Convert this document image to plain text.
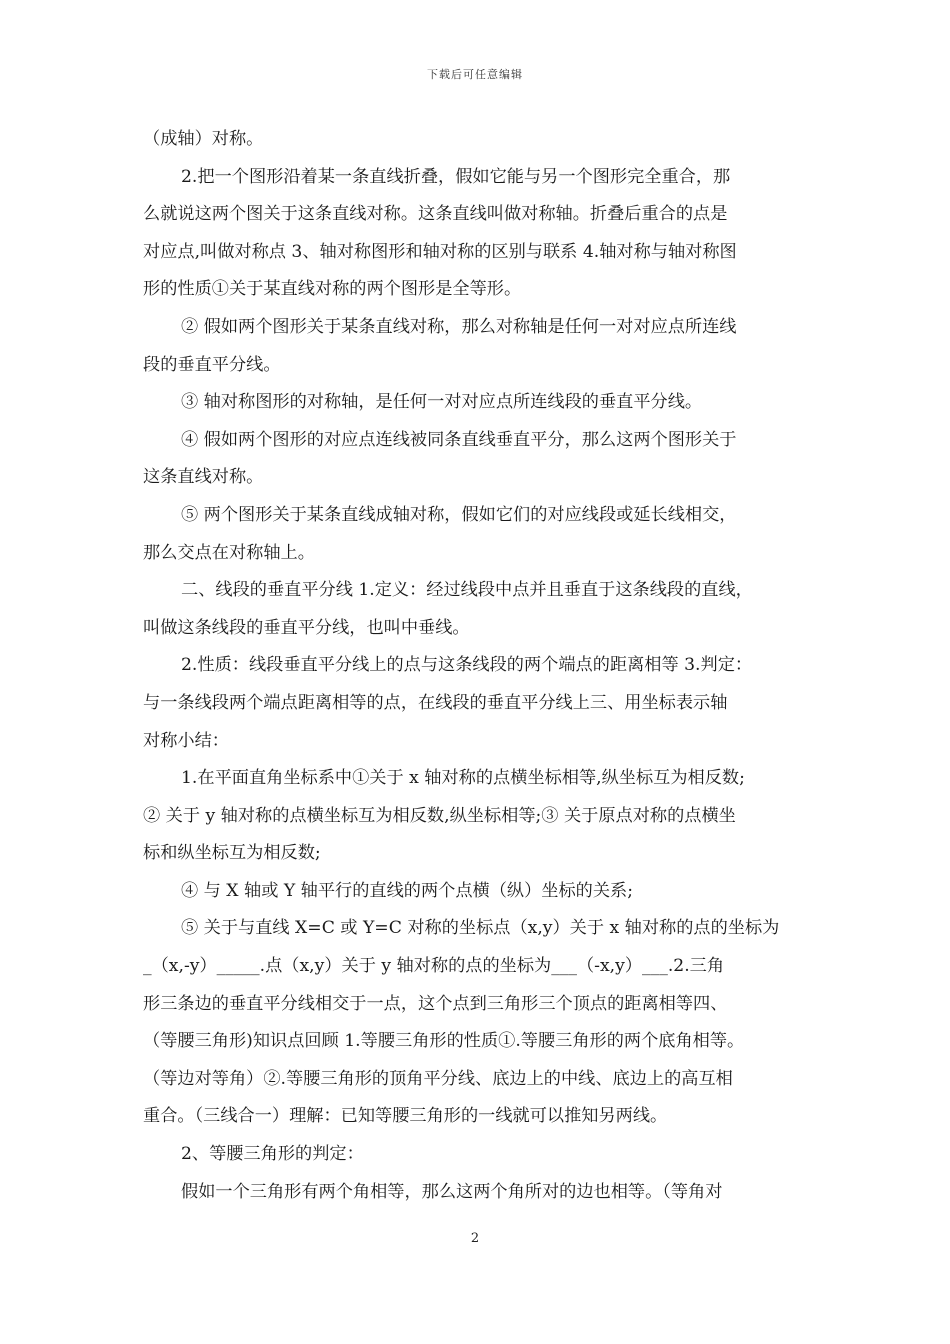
下载后可任意编辑
（成轴）对称。
2.把一个图形沿着某一条直线折叠，假如它能与另一个图形完全重合，那
么就说这两个图关于这条直线对称。这条直线叫做对称轴。折叠后重合的点是
对应点,叫做对称点 3、轴对称图形和轴对称的区别与联系 4.轴对称与轴对称图
形的性质①关于某直线对称的两个图形是全等形。
② 假如两个图形关于某条直线对称，那么对称轴是任何一对对应点所连线
段的垂直平分线。
③ 轴对称图形的对称轴，是任何一对对应点所连线段的垂直平分线。
④ 假如两个图形的对应点连线被同条直线垂直平分，那么这两个图形关于
这条直线对称。
⑤ 两个图形关于某条直线成轴对称，假如它们的对应线段或延长线相交，
那么交点在对称轴上。
二、线段的垂直平分线 1.定义：经过线段中点并且垂直于这条线段的直线，
叫做这条线段的垂直平分线，也叫中垂线。
2.性质：线段垂直平分线上的点与这条线段的两个端点的距离相等 3.判定：
与一条线段两个端点距离相等的点，在线段的垂直平分线上三、用坐标表示轴
对称小结：
1.在平面直角坐标系中①关于 x 轴对称的点横坐标相等,纵坐标互为相反数;
② 关于 y 轴对称的点横坐标互为相反数,纵坐标相等;③ 关于原点对称的点横坐
标和纵坐标互为相反数;
④ 与 X 轴或 Y 轴平行的直线的两个点横（纵）坐标的关系;
⑤ 关于与直线 X=C 或 Y=C 对称的坐标点（x,y）关于 x 轴对称的点的坐标为
_（x,-y）_____.点（x,y）关于 y 轴对称的点的坐标为___（-x,y）___.2.三角
形三条边的垂直平分线相交于一点，这个点到三角形三个顶点的距离相等四、
（等腰三角形)知识点回顾 1.等腰三角形的性质①.等腰三角形的两个底角相等。
（等边对等角）②.等腰三角形的顶角平分线、底边上的中线、底边上的高互相
重合。（三线合一）理解：已知等腰三角形的一线就可以推知另两线。
2、等腰三角形的判定：
假如一个三角形有两个角相等，那么这两个角所对的边也相等。（等角对
2
